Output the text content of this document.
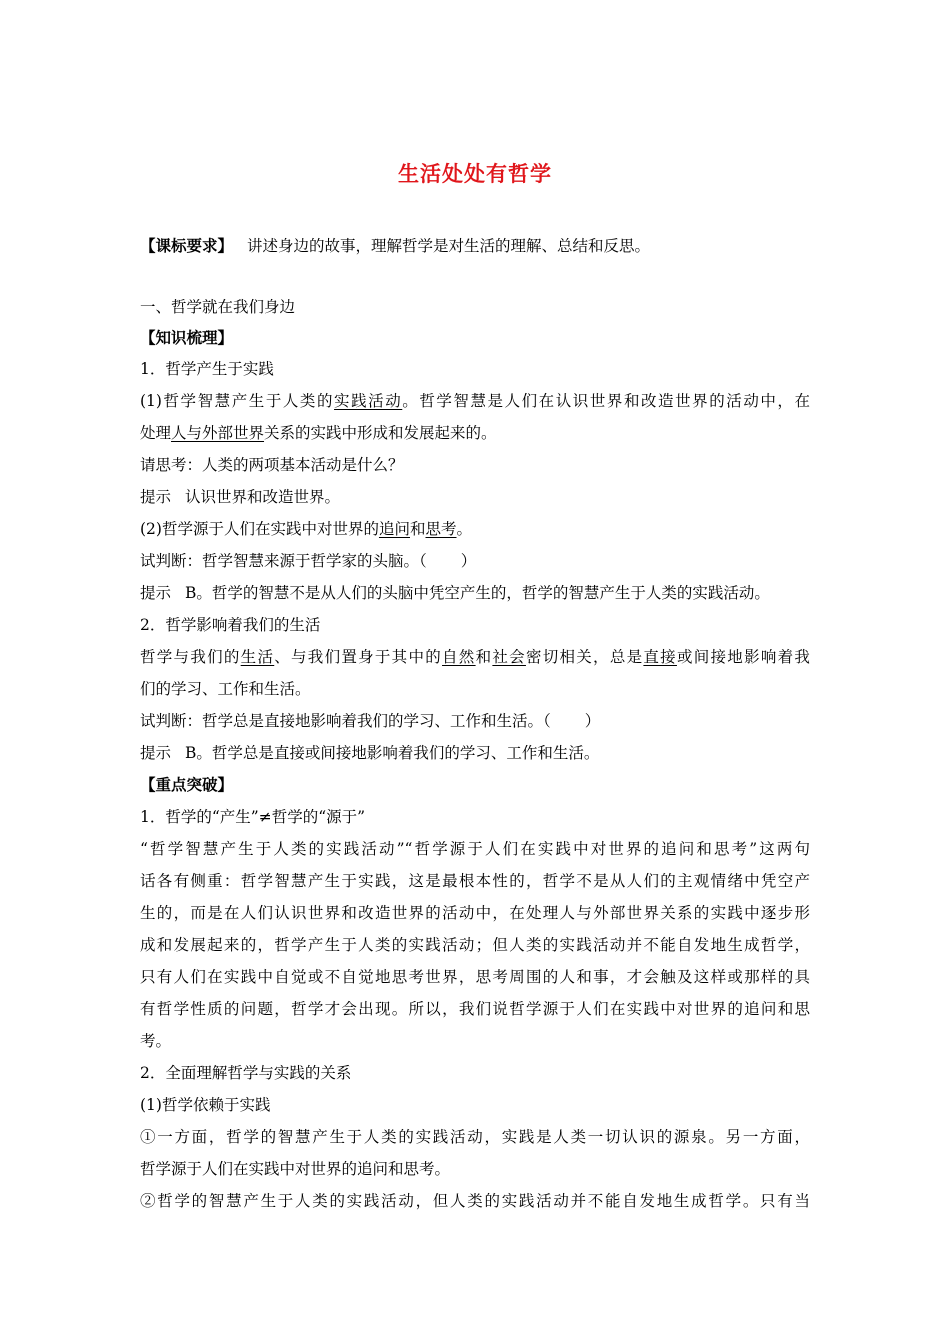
生活处处有哲学
【课标要求】 讲述身边的故事，理解哲学是对生活的理解、总结和反思。
一、哲学就在我们身边
【知识梳理】
1．哲学产生于实践
(1)哲学智慧产生于人类的实践活动。哲学智慧是人们在认识世界和改造世界的活动中，在
处理人与外部世界关系的实践中形成和发展起来的。
请思考：人类的两项基本活动是什么？
提示 认识世界和改造世界。
(2)哲学源于人们在实践中对世界的追问和思考。
试判断：哲学智慧来源于哲学家的头脑。（ ）
提示 B。哲学的智慧不是从人们的头脑中凭空产生的，哲学的智慧产生于人类的实践活动。
2．哲学影响着我们的生活
哲学与我们的生活、与我们置身于其中的自然和社会密切相关，总是直接或间接地影响着我
们的学习、工作和生活。
试判断：哲学总是直接地影响着我们的学习、工作和生活。（ ）
提示 B。哲学总是直接或间接地影响着我们的学习、工作和生活。
【重点突破】
1．哲学的“产生”≠哲学的“源于”
“哲学智慧产生于人类的实践活动”“哲学源于人们在实践中对世界的追问和思考”这两句
话各有侧重：哲学智慧产生于实践，这是最根本性的，哲学不是从人们的主观情绪中凭空产
生的，而是在人们认识世界和改造世界的活动中，在处理人与外部世界关系的实践中逐步形
成和发展起来的，哲学产生于人类的实践活动；但人类的实践活动并不能自发地生成哲学，
只有人们在实践中自觉或不自觉地思考世界，思考周围的人和事，才会触及这样或那样的具
有哲学性质的问题，哲学才会出现。所以，我们说哲学源于人们在实践中对世界的追问和思
考。
2．全面理解哲学与实践的关系
(1)哲学依赖于实践
①一方面，哲学的智慧产生于人类的实践活动，实践是人类一切认识的源泉。另一方面，
哲学源于人们在实践中对世界的追问和思考。
②哲学的智慧产生于人类的实践活动，但人类的实践活动并不能自发地生成哲学。只有当
